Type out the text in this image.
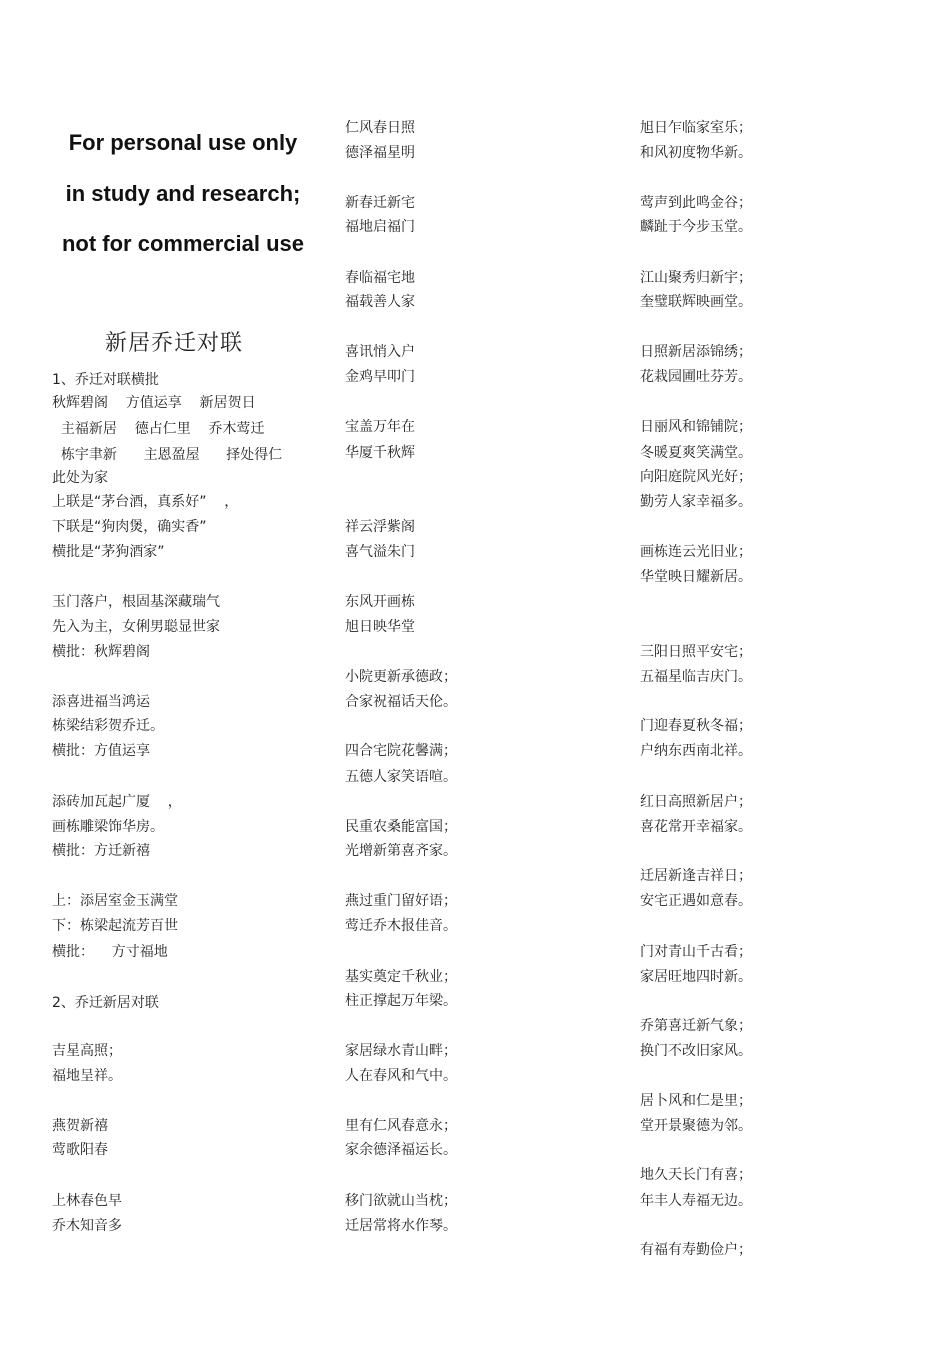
For personal use only
in study and research;
not for commercial use
新居乔迁对联
1、乔迁对联横批
秋辉碧阁    方值运享    新居贺日
主福新居    德占仁里    乔木莺迁
栋宇聿新      主恩盈屋      择处得仁
此处为家
上联是“茅台酒，真系好”    ，
下联是“狗肉煲，确实香”
横批是“茅狗酒家”
玉门落户，根固基深藏瑞气
先入为主，女俐男聪显世家
横批：秋辉碧阁
添喜进福当鸿运
栋梁结彩贺乔迁。
横批：方值运享
添砖加瓦起广厦    ，
画栋雕梁饰华房。
横批：方迁新禧
上：添居室金玉满堂
下：栋梁起流芳百世
横批：    方寸福地
2、乔迁新居对联
吉星高照；
福地呈祥。
燕贺新禧
莺歌阳春
上林春色早
乔木知音多
仁风春日照
德泽福星明
新春迁新宅
福地启福门
春临福宅地
福载善人家
喜讯悄入户
金鸡早叩门
宝盖万年在
华厦千秋辉
祥云浮紫阁
喜气溢朱门
东风开画栋
旭日映华堂
小院更新承德政；
合家祝福话天伦。
四合宅院花馨满；
五德人家笑语喧。
民重农桑能富国；
光增新第喜齐家。
燕过重门留好语；
莺迁乔木报佳音。
基实奠定千秋业；
柱正撑起万年梁。
家居绿水青山畔；
人在春风和气中。
里有仁风春意永；
家余德泽福运长。
移门欲就山当枕；
迁居常将水作琴。
旭日乍临家室乐；
和风初度物华新。
莺声到此鸣金谷；
麟趾于今步玉堂。
江山聚秀归新宇；
奎璧联辉映画堂。
日照新居添锦绣；
花栽园圃吐芬芳。
日丽风和锦铺院；
冬暖夏爽笑满堂。
向阳庭院风光好；
勤劳人家幸福多。
画栋连云光旧业；
华堂映日耀新居。
三阳日照平安宅；
五福星临吉庆门。
门迎春夏秋冬福；
户纳东西南北祥。
红日高照新居户；
喜花常开幸福家。
迁居新逢吉祥日；
安宅正遇如意春。
门对青山千古看；
家居旺地四时新。
乔第喜迁新气象；
换门不改旧家风。
居卜风和仁是里；
堂开景聚德为邻。
地久天长门有喜；
年丰人寿福无边。
有福有寿勤俭户；
